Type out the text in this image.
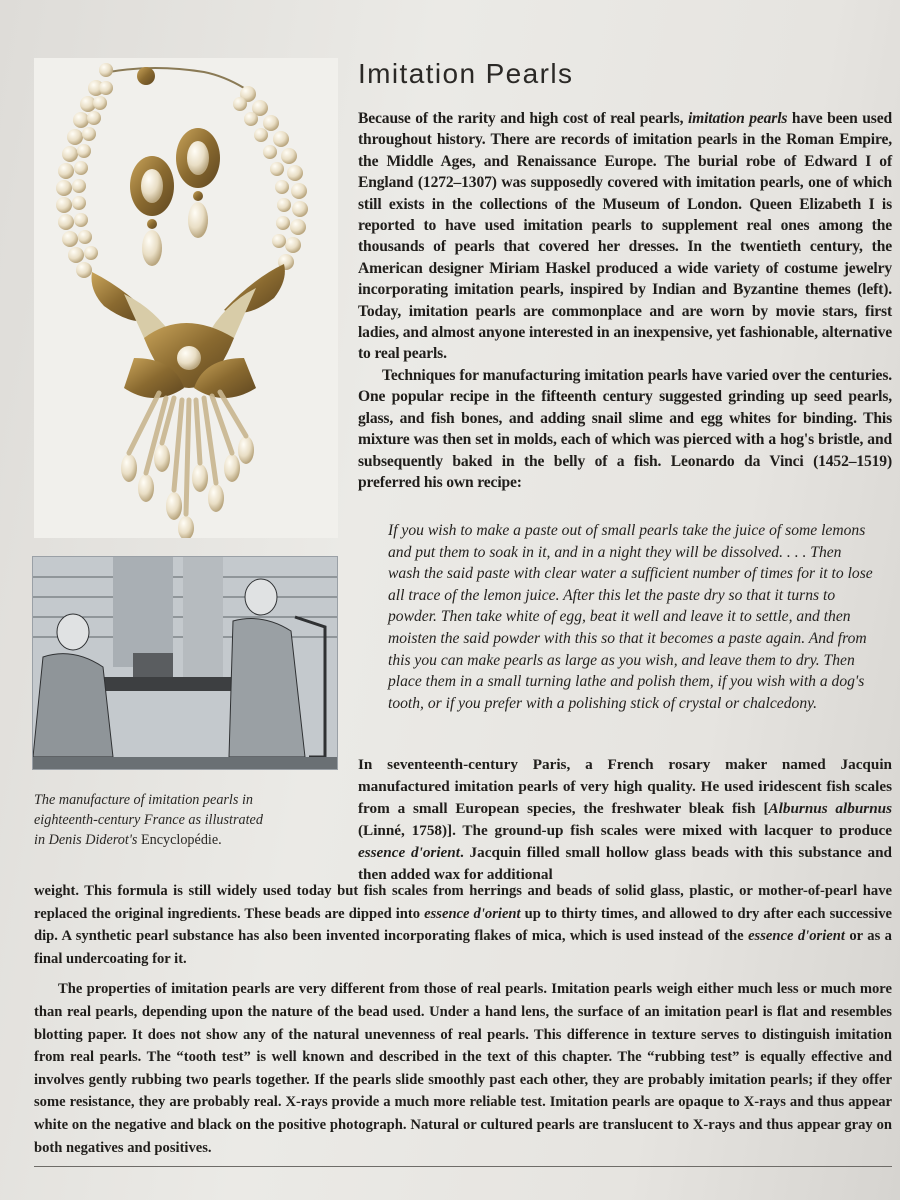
The manufacture of imitation pearls in
eighteenth-century France as illustrated
in Denis Diderot's Encyclopédie.
Imitation Pearls

Because of the rarity and high cost of real pearls, imitation pearls have been used throughout history. There are records of imitation pearls in the Roman Empire, the Middle Ages, and Renaissance Europe. The burial robe of Edward I of England (1272–1307) was supposedly covered with imitation pearls, one of which still exists in the collections of the Museum of London. Queen Elizabeth I is reported to have used imitation pearls to supplement real ones among the thousands of pearls that covered her dresses. In the twentieth century, the American designer Miriam Haskel produced a wide variety of costume jewelry incorporating imitation pearls, inspired by Indian and Byzantine themes (left). Today, imitation pearls are commonplace and are worn by movie stars, first ladies, and almost anyone interested in an inexpensive, yet fashionable, alternative to real pearls.

Techniques for manufacturing imitation pearls have varied over the centuries. One popular recipe in the fifteenth century suggested grinding up seed pearls, glass, and fish bones, and adding snail slime and egg whites for binding. This mixture was then set in molds, each of which was pierced with a hog's bristle, and subsequently baked in the belly of a fish. Leonardo da Vinci (1452–1519) preferred his own recipe:

If you wish to make a paste out of small pearls take the juice of some lemons and put them to soak in it, and in a night they will be dissolved. . . . Then wash the said paste with clear water a sufficient number of times for it to lose all trace of the lemon juice. After this let the paste dry so that it turns to powder. Then take white of egg, beat it well and leave it to settle, and then moisten the said powder with this so that it becomes a paste again. And from this you can make pearls as large as you wish, and leave them to dry. Then place them in a small turning lathe and polish them, if you wish with a dog's tooth, or if you prefer with a polishing stick of crystal or chalcedony.

In seventeenth-century Paris, a French rosary maker named Jacquin manufactured imitation pearls of very high quality. He used iridescent fish scales from a small European species, the freshwater bleak fish [Alburnus alburnus (Linné, 1758)]. The ground-up fish scales were mixed with lacquer to produce essence d'orient. Jacquin filled small hollow glass beads with this substance and then added wax for additional

weight. This formula is still widely used today but fish scales from herrings and beads of solid glass, plastic, or mother-of-pearl have replaced the original ingredients. These beads are dipped into essence d'orient up to thirty times, and allowed to dry after each successive dip. A synthetic pearl substance has also been invented incorporating flakes of mica, which is used instead of the essence d'orient or as a final undercoating for it.

The properties of imitation pearls are very different from those of real pearls. Imitation pearls weigh either much less or much more than real pearls, depending upon the nature of the bead used. Under a hand lens, the surface of an imitation pearl is flat and resembles blotting paper. It does not show any of the natural unevenness of real pearls. This difference in texture serves to distinguish imitation from real pearls. The “tooth test” is well known and described in the text of this chapter. The “rubbing test” is equally effective and involves gently rubbing two pearls together. If the pearls slide smoothly past each other, they are probably imitation pearls; if they offer some resistance, they are probably real. X-rays provide a much more reliable test. Imitation pearls are opaque to X-rays and thus appear white on the negative and black on the positive photograph. Natural or cultured pearls are translucent to X-rays and thus appear gray on both negatives and positives.
